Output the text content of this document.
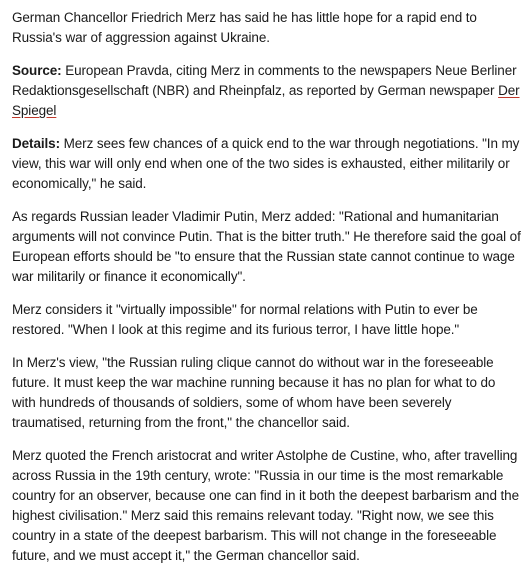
German Chancellor Friedrich Merz has said he has little hope for a rapid end to Russia's war of aggression against Ukraine.

Source: European Pravda, citing Merz in comments to the newspapers Neue Berliner Redaktionsgesellschaft (NBR) and Rheinpfalz, as reported by German newspaper Der Spiegel

Details: Merz sees few chances of a quick end to the war through negotiations. "In my view, this war will only end when one of the two sides is exhausted, either militarily or economically," he said.

As regards Russian leader Vladimir Putin, Merz added: "Rational and humanitarian arguments will not convince Putin. That is the bitter truth." He therefore said the goal of European efforts should be "to ensure that the Russian state cannot continue to wage war militarily or finance it economically".

Merz considers it "virtually impossible" for normal relations with Putin to ever be restored. "When I look at this regime and its furious terror, I have little hope."

In Merz's view, "the Russian ruling clique cannot do without war in the foreseeable future. It must keep the war machine running because it has no plan for what to do with hundreds of thousands of soldiers, some of whom have been severely traumatised, returning from the front," the chancellor said.

Merz quoted the French aristocrat and writer Astolphe de Custine, who, after travelling across Russia in the 19th century, wrote: "Russia in our time is the most remarkable country for an observer, because one can find in it both the deepest barbarism and the highest civilisation." Merz said this remains relevant today. "Right now, we see this country in a state of the deepest barbarism. This will not change in the foreseeable future, and we must accept it," the German chancellor said.
